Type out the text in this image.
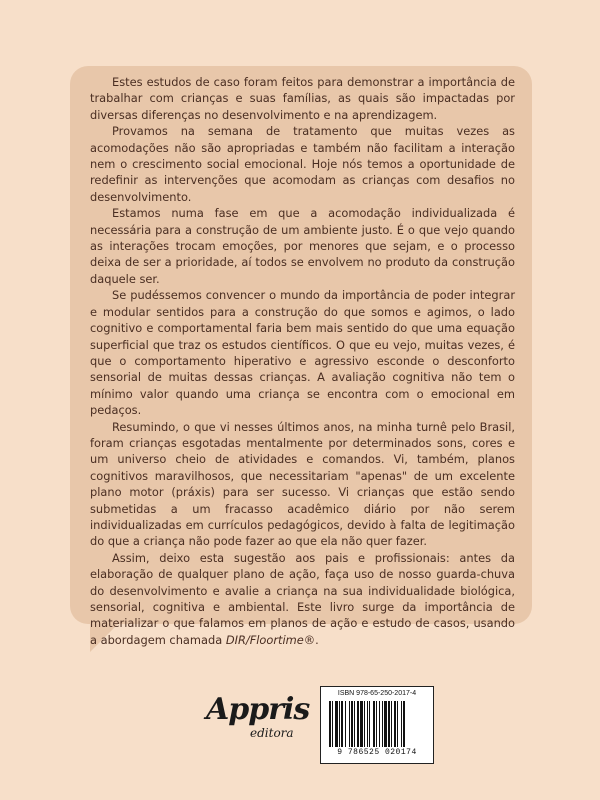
Estes estudos de caso foram feitos para demonstrar a importância de trabalhar com crianças e suas famílias, as quais são impactadas por diversas diferenças no desenvolvimento e na aprendizagem.

Provamos na semana de tratamento que muitas vezes as acomodações não são apropriadas e também não facilitam a interação nem o crescimento social emocional. Hoje nós temos a oportunidade de redefinir as intervenções que acomodam as crianças com desafios no desenvolvimento.

Estamos numa fase em que a acomodação individualizada é necessária para a construção de um ambiente justo. É o que vejo quando as interações trocam emoções, por menores que sejam, e o processo deixa de ser a prioridade, aí todos se envolvem no produto da construção daquele ser.

Se pudéssemos convencer o mundo da importância de poder integrar e modular sentidos para a construção do que somos e agimos, o lado cognitivo e comportamental faria bem mais sentido do que uma equação superficial que traz os estudos científicos. O que eu vejo, muitas vezes, é que o comportamento hiperativo e agressivo esconde o desconforto sensorial de muitas dessas crianças. A avaliação cognitiva não tem o mínimo valor quando uma criança se encontra com o emocional em pedaços.

Resumindo, o que vi nesses últimos anos, na minha turnê pelo Brasil, foram crianças esgotadas mentalmente por determinados sons, cores e um universo cheio de atividades e comandos. Vi, também, planos cognitivos maravilhosos, que necessitariam "apenas" de um excelente plano motor (práxis) para ser sucesso. Vi crianças que estão sendo submetidas a um fracasso acadêmico diário por não serem individualizadas em currículos pedagógicos, devido à falta de legitimação do que a criança não pode fazer ao que ela não quer fazer.

Assim, deixo esta sugestão aos pais e profissionais: antes da elaboração de qualquer plano de ação, faça uso de nosso guarda-chuva do desenvolvimento e avalie a criança na sua individualidade biológica, sensorial, cognitiva e ambiental. Este livro surge da importância de materializar o que falamos em planos de ação e estudo de casos, usando a abordagem chamada DIR/Floortime®.

Appris
editora
ISBN 978-65-250-2017-4
9 786525 020174
